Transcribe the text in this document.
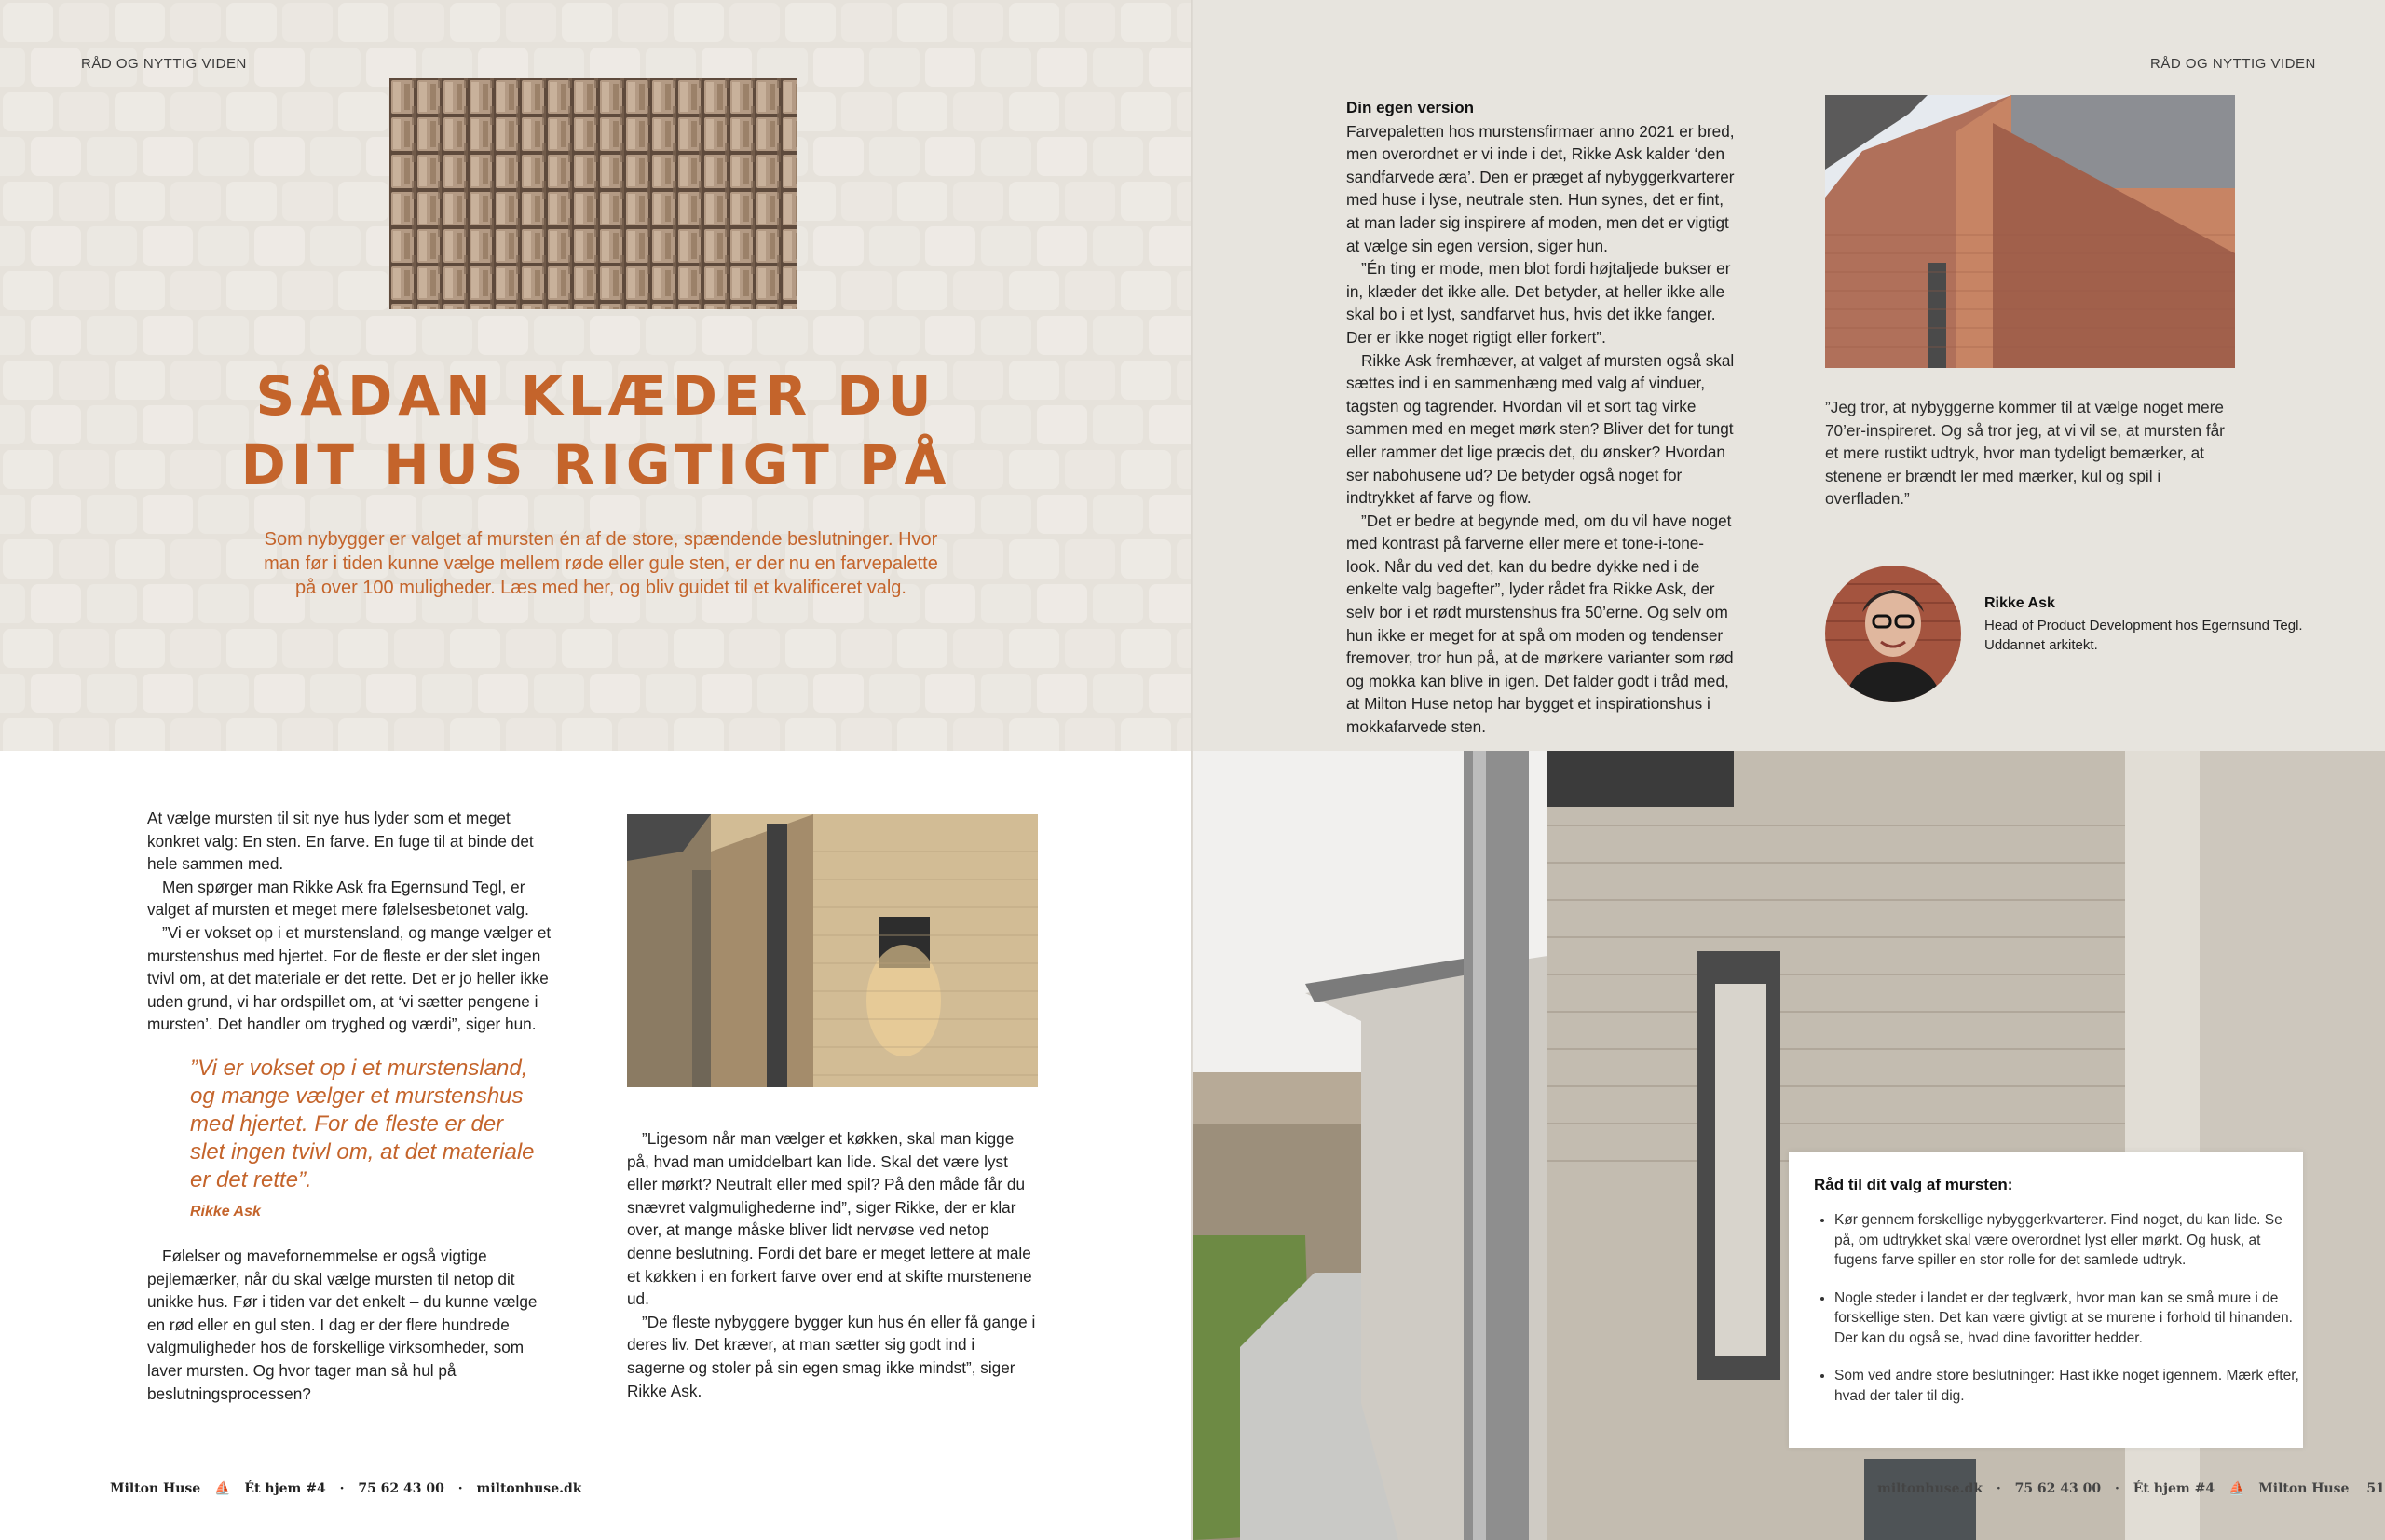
RÅD OG NYTTIG VIDEN
SÅDAN KLÆDER DU
DIT HUS RIGTIGT PÅ
Som nybygger er valget af mursten én af de store, spændende beslutninger. Hvor man før i tiden kunne vælge mellem røde eller gule sten, er der nu en farvepalette på over 100 muligheder. Læs med her, og bliv guidet til et kvalificeret valg.
RÅD OG NYTTIG VIDEN
Din egen version

Farvepaletten hos murstensfirmaer anno 2021 er bred, men overordnet er vi inde i det, Rikke Ask kalder ‘den sandfarvede æra’. Den er præget af nybyggerkvarterer med huse i lyse, neutrale sten. Hun synes, det er fint, at man lader sig inspirere af moden, men det er vigtigt at vælge sin egen version, siger hun.

”Én ting er mode, men blot fordi højtaljede bukser er in, klæder det ikke alle. Det betyder, at heller ikke alle skal bo i et lyst, sandfarvet hus, hvis det ikke fanger. Der er ikke noget rigtigt eller forkert”.

Rikke Ask fremhæver, at valget af mursten også skal sættes ind i en sammenhæng med valg af vinduer, tagsten og tagrender. Hvordan vil et sort tag virke sammen med en meget mørk sten? Bliver det for tungt eller rammer det lige præcis det, du ønsker? Hvordan ser nabohusene ud? De betyder også noget for indtrykket af farve og flow.

”Det er bedre at begynde med, om du vil have noget med kontrast på farverne eller mere et tone-i-tone-look. Når du ved det, kan du bedre dykke ned i de enkelte valg bagefter”, lyder rådet fra Rikke Ask, der selv bor i et rødt murstenshus fra 50’erne. Og selv om hun ikke er meget for at spå om moden og tendenser fremover, tror hun på, at de mørkere varianter som rød og mokka kan blive in igen. Det falder godt i tråd med, at Milton Huse netop har bygget et inspirationshus i mokkafarvede sten.

”Jeg tror, at nybyggerne kommer til at vælge noget mere 70’er-inspireret. Og så tror jeg, at vi vil se, at mursten får et mere rustikt udtryk, hvor man tydeligt bemærker, at stenene er brændt ler med mærker, kul og spil i overfladen.”
Rikke Ask
Head of Product Development hos Egernsund Tegl.
Uddannet arkitekt.

At vælge mursten til sit nye hus lyder som et meget konkret valg: En sten. En farve. En fuge til at binde det hele sammen med.

Men spørger man Rikke Ask fra Egernsund Tegl, er valget af mursten et meget mere følelsesbetonet valg.

”Vi er vokset op i et murstensland, og mange vælger et murstenshus med hjertet. For de fleste er der slet ingen tvivl om, at det materiale er det rette. Det er jo heller ikke uden grund, vi har ordspillet om, at ‘vi sætter pengene i mursten’. Det handler om tryghed og værdi”, siger hun.

”Vi er vokset op i et murstensland, og mange vælger et murstenshus med hjertet. For de fleste er der slet ingen tvivl om, at det materiale er det rette”.
Rikke Ask

Følelser og mavefornemmelse er også vigtige pejlemærker, når du skal vælge mursten til netop dit unikke hus. Før i tiden var det enkelt – du kunne vælge en rød eller en gul sten. I dag er der flere hundrede valgmuligheder hos de forskellige virksomheder, som laver mursten. Og hvor tager man så hul på beslutningsprocessen?

”Ligesom når man vælger et køkken, skal man kigge på, hvad man umiddelbart kan lide. Skal det være lyst eller mørkt? Neutralt eller med spil? På den måde får du snævret valgmulighederne ind”, siger Rikke, der er klar over, at mange måske bliver lidt nervøse ved netop denne beslutning. Fordi det bare er meget lettere at male et køkken i en forkert farve over end at skifte murstenene ud.

”De fleste nybyggere bygger kun hus én eller få gange i deres liv. Det kræver, at man sætter sig godt ind i sagerne og stoler på sin egen smag ikke mindst”, siger Rikke Ask.

Milton Huse ⛵ Ét hjem #4 · 75 62 43 00 · miltonhuse.dk
Råd til dit valg af mursten:
• Kør gennem forskellige nybyggerkvarterer. Find noget, du kan lide. Se på, om udtrykket skal være overordnet lyst eller mørkt. Og husk, at fugens farve spiller en stor rolle for det samlede udtryk.
• Nogle steder i landet er der teglværk, hvor man kan se små mure i de forskellige sten. Det kan være givtigt at se murene i forhold til hinanden. Der kan du også se, hvad dine favoritter hedder.
• Som ved andre store beslutninger: Hast ikke noget igennem. Mærk efter, hvad der taler til dig.
miltonhuse.dk · 75 62 43 00 · Ét hjem #4 ⛵ Milton Huse 51
